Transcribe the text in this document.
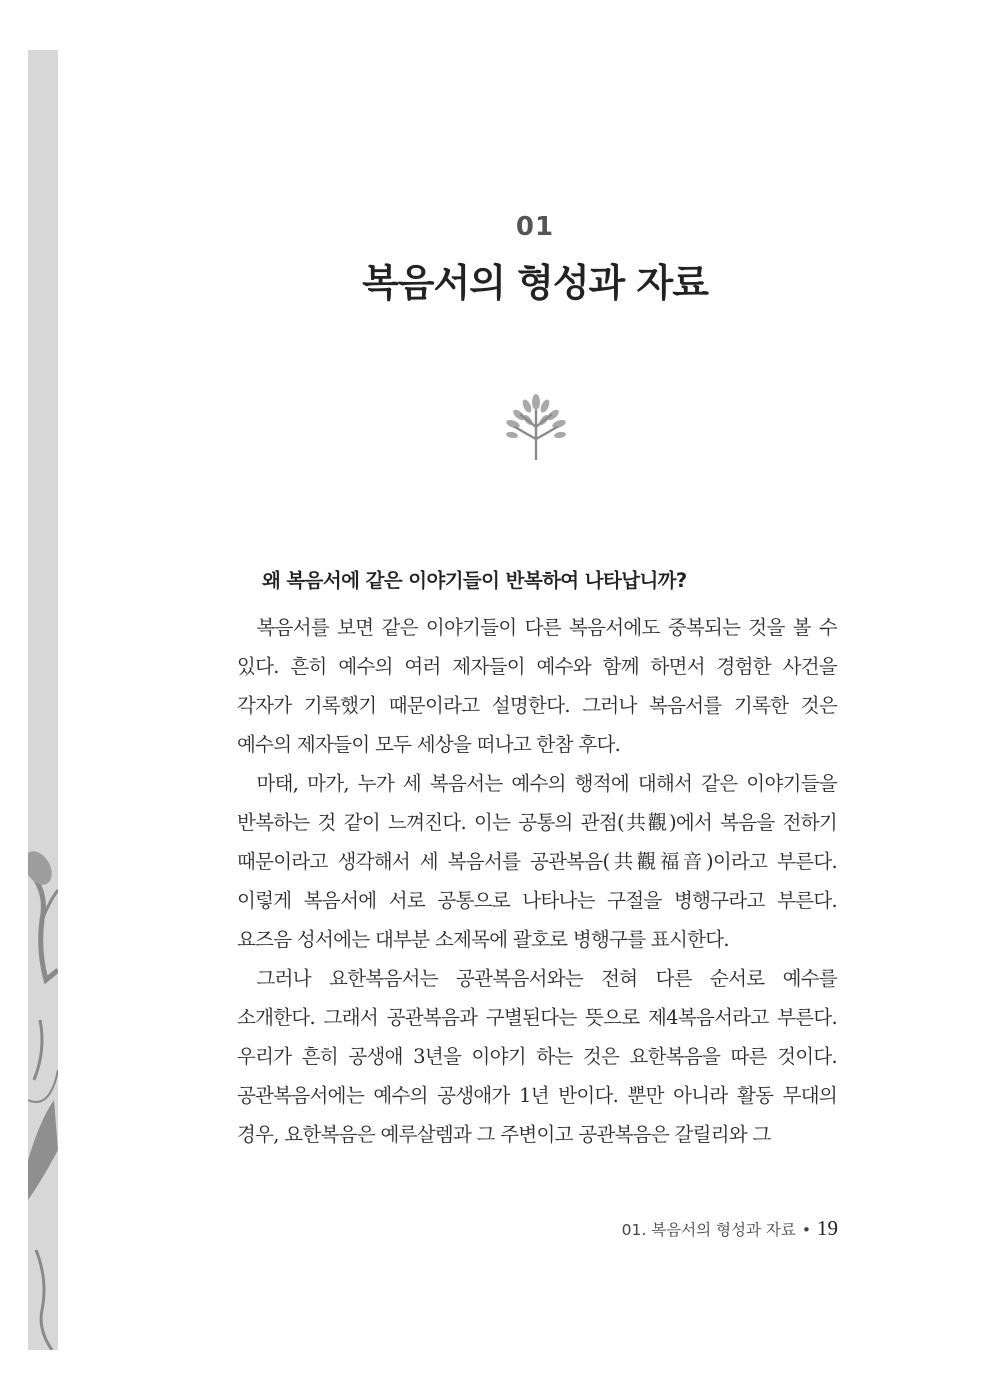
01
복음서의 형성과 자료
왜 복음서에 같은 이야기들이 반복하여 나타납니까?

복음서를 보면 같은 이야기들이 다른 복음서에도 중복되는 것을 볼 수 있다. 흔히 예수의 여러 제자들이 예수와 함께 하면서 경험한 사건을 각자가 기록했기 때문이라고 설명한다. 그러나 복음서를 기록한 것은 예수의 제자들이 모두 세상을 떠나고 한참 후다.

마태, 마가, 누가 세 복음서는 예수의 행적에 대해서 같은 이야기들을 반복하는 것 같이 느껴진다. 이는 공통의 관점(共觀)에서 복음을 전하기 때문이라고 생각해서 세 복음서를 공관복음(共觀福音)이라고 부른다. 이렇게 복음서에 서로 공통으로 나타나는 구절을 병행구라고 부른다. 요즈음 성서에는 대부분 소제목에 괄호로 병행구를 표시한다.

그러나 요한복음서는 공관복음서와는 전혀 다른 순서로 예수를 소개한다. 그래서 공관복음과 구별된다는 뜻으로 제4복음서라고 부른다. 우리가 흔히 공생애 3년을 이야기 하는 것은 요한복음을 따른 것이다. 공관복음서에는 예수의 공생애가 1년 반이다. 뿐만 아니라 활동 무대의 경우, 요한복음은 예루살렘과 그 주변이고 공관복음은 갈릴리와 그

01. 복음서의 형성과 자료 • 19
